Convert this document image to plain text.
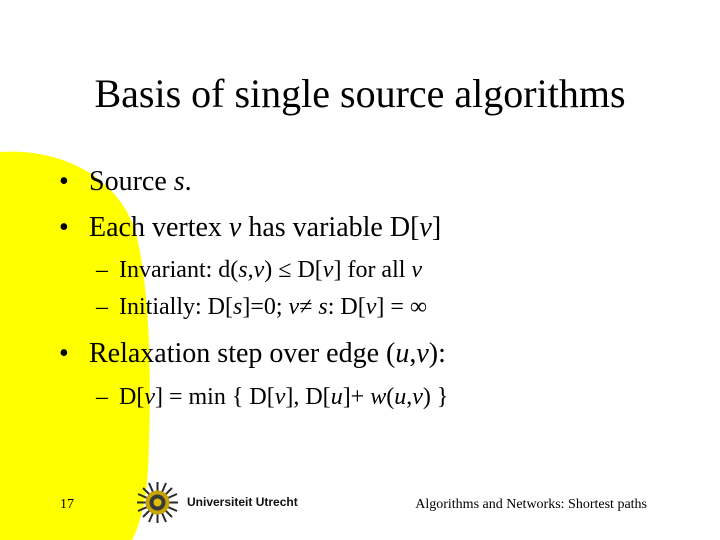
Basis of single source algorithms
• Source s.
• Each vertex v has variable D[v]
– Invariant: d(s,v) ≤ D[v] for all v
– Initially: D[s]=0; v≠ s: D[v] = ∞
• Relaxation step over edge (u,v):
– D[v] = min { D[v], D[u]+ w(u,v) }
17	Universiteit Utrecht	Algorithms and Networks: Shortest paths
